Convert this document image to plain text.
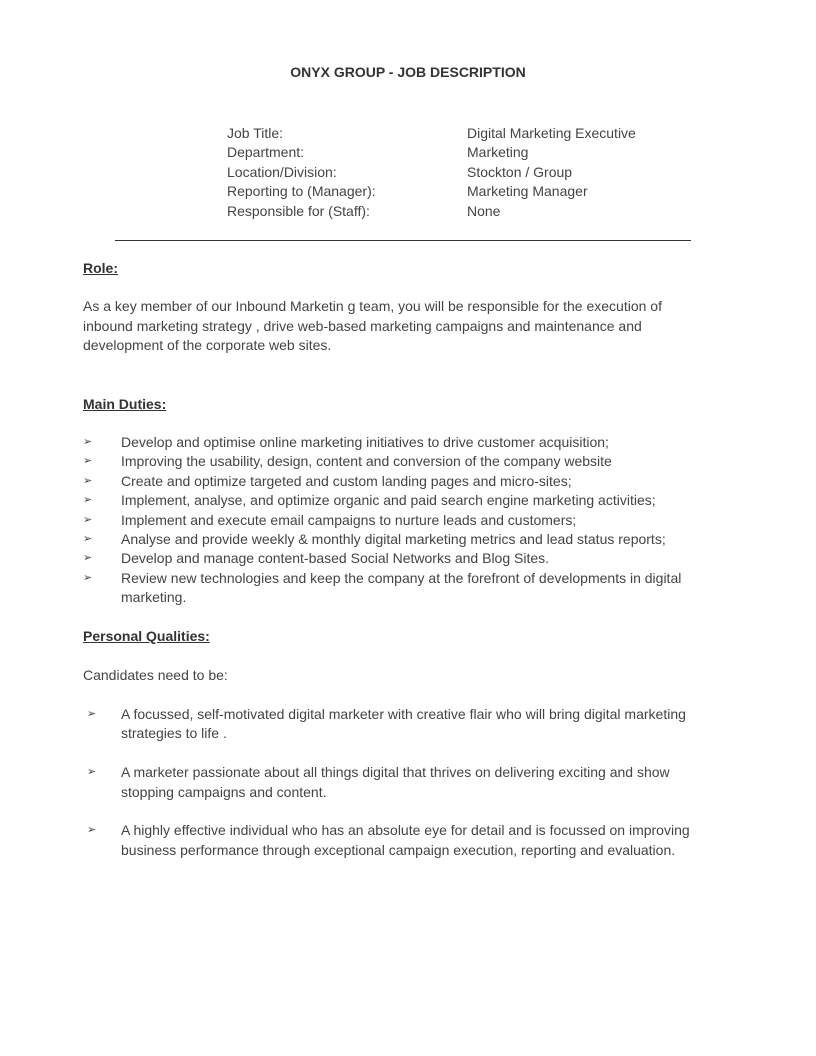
ONYX GROUP - JOB DESCRIPTION
Job Title:	Digital Marketing Executive
Department:	Marketing
Location/Division:	Stockton / Group
Reporting to (Manager):	Marketing Manager
Responsible for (Staff):	None
Role:
As a key member of our Inbound Marketin g team, you will be responsible for the execution of inbound marketing strategy , drive web-based marketing campaigns and maintenance and development of the corporate web sites.
Main Duties:
➢ Develop and optimise online marketing initiatives to drive customer acquisition;
➢ Improving the usability, design, content and conversion of the company website
➢ Create and optimize targeted and custom landing pages and micro-sites;
➢ Implement, analyse, and optimize organic and paid search engine marketing activities;
➢ Implement and execute email campaigns to nurture leads and customers;
➢ Analyse and provide weekly & monthly digital marketing metrics and lead status reports;
➢ Develop and manage content-based Social Networks and Blog Sites.
➢ Review new technologies and keep the company at the forefront of developments in digital marketing.
Personal Qualities:
Candidates need to be:
➢ A focussed, self-motivated digital marketer with creative flair who will bring digital marketing strategies to life .
➢ A marketer passionate about all things digital that thrives on delivering exciting and show stopping campaigns and content.
➢ A highly effective individual who has an absolute eye for detail and is focussed on improving business performance through exceptional campaign execution, reporting and evaluation.
